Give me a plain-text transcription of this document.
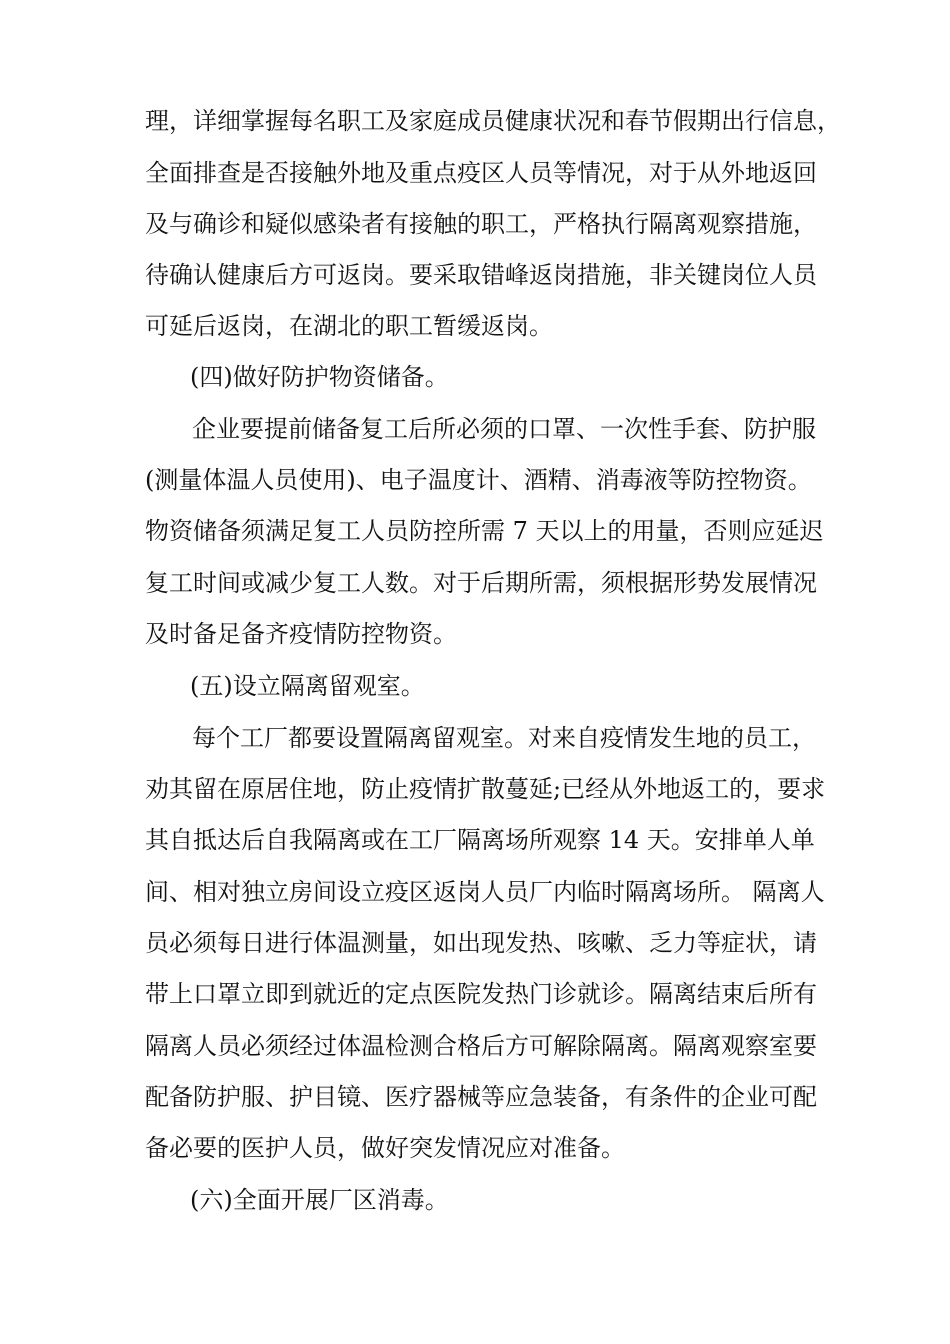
理，详细掌握每名职工及家庭成员健康状况和春节假期出行信息，
全面排查是否接触外地及重点疫区人员等情况，对于从外地返回
及与确诊和疑似感染者有接触的职工，严格执行隔离观察措施，
待确认健康后方可返岗。要采取错峰返岗措施，非关键岗位人员
可延后返岗，在湖北的职工暂缓返岗。
(四)做好防护物资储备。
企业要提前储备复工后所必须的口罩、一次性手套、防护服
(测量体温人员使用)、电子温度计、酒精、消毒液等防控物资。
物资储备须满足复工人员防控所需 7 天以上的用量，否则应延迟
复工时间或减少复工人数。对于后期所需，须根据形势发展情况
及时备足备齐疫情防控物资。
(五)设立隔离留观室。
每个工厂都要设置隔离留观室。对来自疫情发生地的员工，
劝其留在原居住地，防止疫情扩散蔓延;已经从外地返工的，要求
其自抵达后自我隔离或在工厂隔离场所观察 14 天。安排单人单
间、相对独立房间设立疫区返岗人员厂内临时隔离场所。 隔离人
员必须每日进行体温测量，如出现发热、咳嗽、乏力等症状，请
带上口罩立即到就近的定点医院发热门诊就诊。隔离结束后所有
隔离人员必须经过体温检测合格后方可解除隔离。隔离观察室要
配备防护服、护目镜、医疗器械等应急装备，有条件的企业可配
备必要的医护人员，做好突发情况应对准备。
(六)全面开展厂区消毒。
